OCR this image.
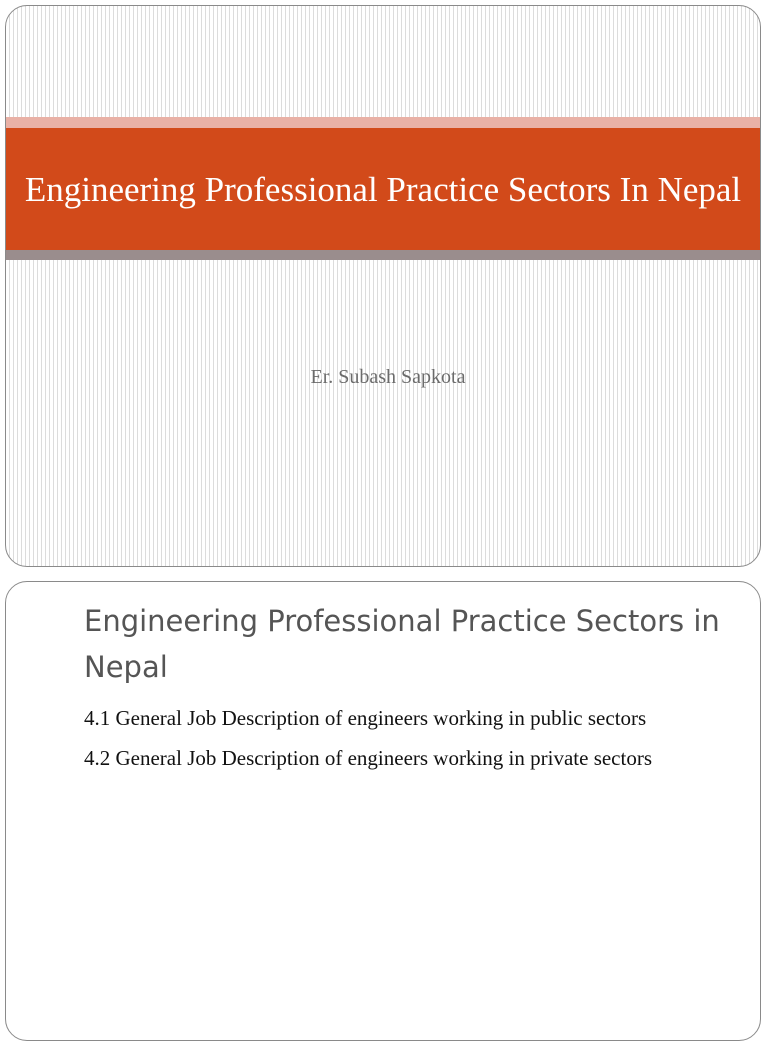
Engineering Professional Practice Sectors In Nepal
Er. Subash Sapkota
Engineering Professional Practice Sectors in Nepal
4.1 General Job Description of engineers working in public sectors
4.2 General Job Description of engineers working in private sectors
